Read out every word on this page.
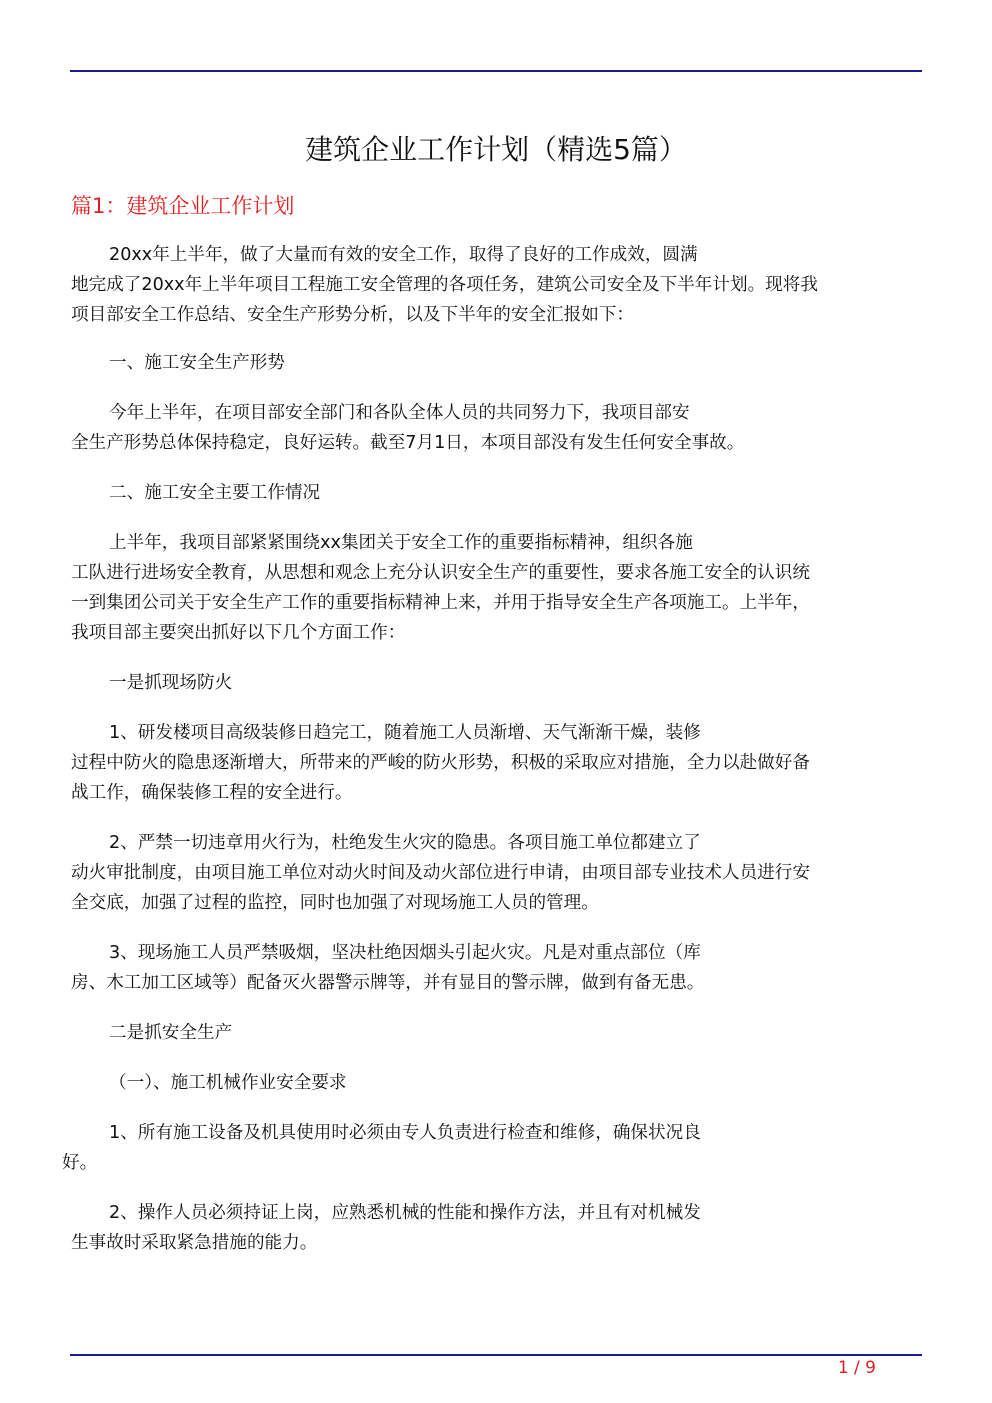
建筑企业工作计划（精选5篇）
篇1：建筑企业工作计划

20xx年上半年，做了大量而有效的安全工作，取得了良好的工作成效，圆满
地完成了20xx年上半年项目工程施工安全管理的各项任务，建筑公司安全及下半年计划。现将我
项目部安全工作总结、安全生产形势分析，以及下半年的安全汇报如下：

一、施工安全生产形势

今年上半年，在项目部安全部门和各队全体人员的共同努力下，我项目部安
全生产形势总体保持稳定，良好运转。截至7月1日，本项目部没有发生任何安全事故。

二、施工安全主要工作情况

上半年，我项目部紧紧围绕xx集团关于安全工作的重要指标精神，组织各施
工队进行进场安全教育，从思想和观念上充分认识安全生产的重要性，要求各施工安全的认识统
一到集团公司关于安全生产工作的重要指标精神上来，并用于指导安全生产各项施工。上半年，
我项目部主要突出抓好以下几个方面工作：

一是抓现场防火

1、研发楼项目高级装修日趋完工，随着施工人员渐增、天气渐渐干燥，装修
过程中防火的隐患逐渐增大，所带来的严峻的防火形势，积极的采取应对措施，全力以赴做好备
战工作，确保装修工程的安全进行。

2、严禁一切违章用火行为，杜绝发生火灾的隐患。各项目施工单位都建立了
动火审批制度，由项目施工单位对动火时间及动火部位进行申请，由项目部专业技术人员进行安
全交底，加强了过程的监控，同时也加强了对现场施工人员的管理。

3、现场施工人员严禁吸烟，坚决杜绝因烟头引起火灾。凡是对重点部位（库
房、木工加工区域等）配备灭火器警示牌等，并有显目的警示牌，做到有备无患。

二是抓安全生产

（一）、施工机械作业安全要求

1、所有施工设备及机具使用时必须由专人负责进行检查和维修，确保状况良
好。

2、操作人员必须持证上岗，应熟悉机械的性能和操作方法，并且有对机械发
生事故时采取紧急措施的能力。

1 / 9
